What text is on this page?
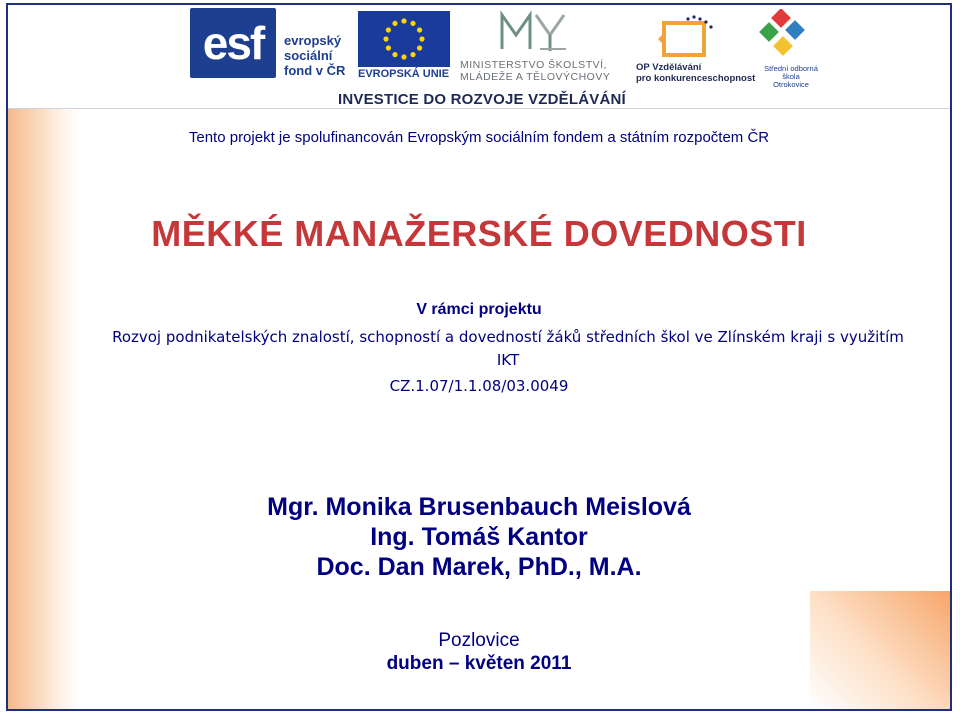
esf	evropský
sociální
fond v ČR	EVROPSKÁ UNIE
MINISTERSTVO ŠKOLSTVÍ,
MLÁDEŽE A TĚLOVÝCHOVY
OP Vzdělávání
pro konkurenceschopnost
Střední odborná škola
Otrokovice
INVESTICE DO ROZVOJE VZDĚLÁVÁNÍ
Tento projekt je spolufinancován Evropským sociálním fondem a státním rozpočtem ČR
MĚKKÉ MANAŽERSKÉ DOVEDNOSTI
V rámci projektu
Rozvoj podnikatelských znalostí, schopností a dovedností žáků středních škol ve Zlínském kraji s využitím IKT
CZ.1.07/1.1.08/03.0049
Mgr. Monika Brusenbauch Meislová
Ing. Tomáš Kantor
Doc. Dan Marek, PhD., M.A.
Pozlovice
duben – květen 2011
